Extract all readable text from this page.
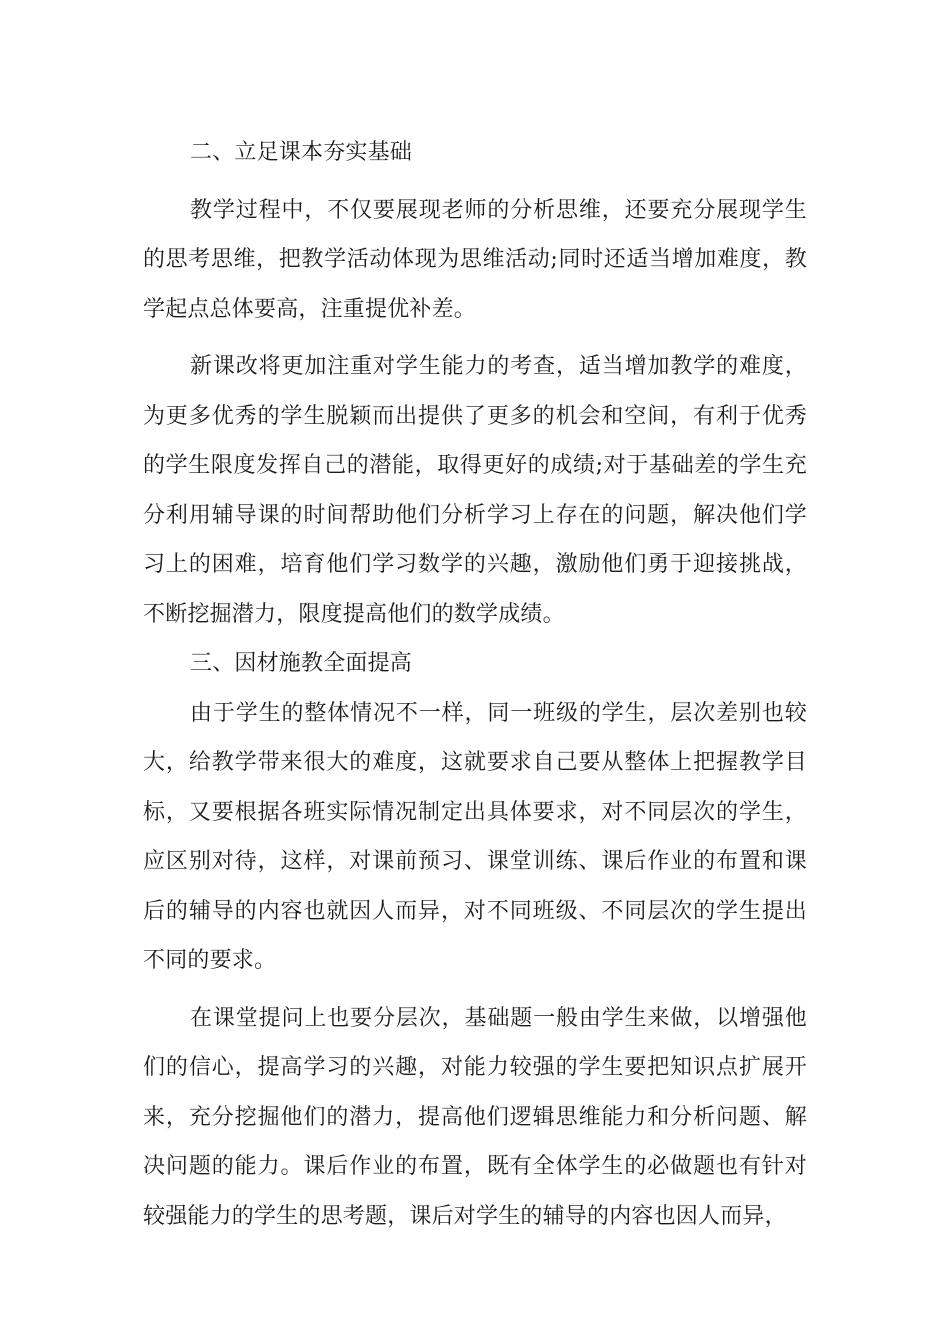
二、立足课本夯实基础

教学过程中，不仅要展现老师的分析思维，还要充分展现学生的思考思维，把教学活动体现为思维活动;同时还适当增加难度，教学起点总体要高，注重提优补差。

新课改将更加注重对学生能力的考查，适当增加教学的难度，为更多优秀的学生脱颖而出提供了更多的机会和空间，有利于优秀的学生限度发挥自己的潜能，取得更好的成绩;对于基础差的学生充分利用辅导课的时间帮助他们分析学习上存在的问题，解决他们学习上的困难，培育他们学习数学的兴趣，激励他们勇于迎接挑战，不断挖掘潜力，限度提高他们的数学成绩。

三、因材施教全面提高

由于学生的整体情况不一样，同一班级的学生，层次差别也较大，给教学带来很大的难度，这就要求自己要从整体上把握教学目标，又要根据各班实际情况制定出具体要求，对不同层次的学生，应区别对待，这样，对课前预习、课堂训练、课后作业的布置和课后的辅导的内容也就因人而异，对不同班级、不同层次的学生提出不同的要求。

在课堂提问上也要分层次，基础题一般由学生来做，以增强他们的信心，提高学习的兴趣，对能力较强的学生要把知识点扩展开来，充分挖掘他们的潜力，提高他们逻辑思维能力和分析问题、解决问题的能力。课后作业的布置，既有全体学生的必做题也有针对较强能力的学生的思考题，课后对学生的辅导的内容也因人而异，
